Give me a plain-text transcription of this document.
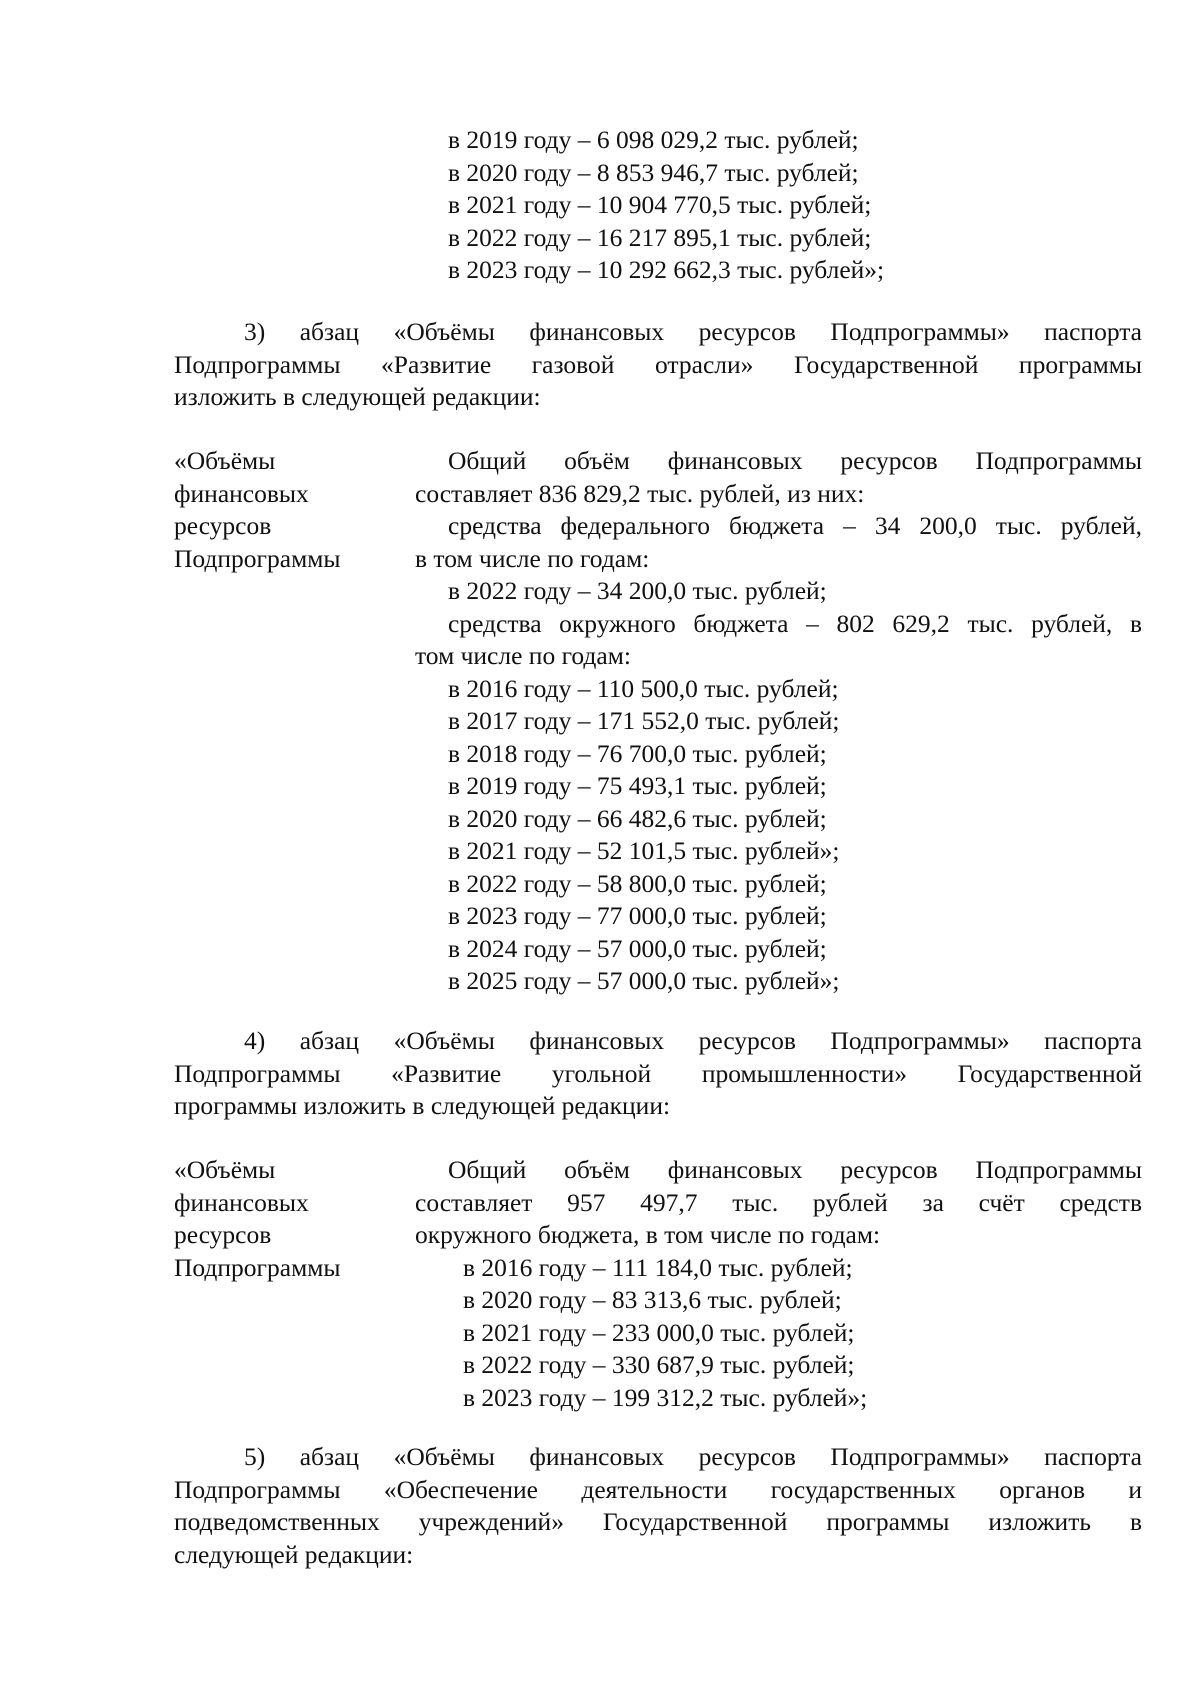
в 2019 году – 6 098 029,2 тыс. рублей;
в 2020 году – 8 853 946,7 тыс. рублей;
в 2021 году – 10 904 770,5 тыс. рублей;
в 2022 году – 16 217 895,1 тыс. рублей;
в 2023 году – 10 292 662,3 тыс. рублей»;
3) абзац «Объёмы финансовых ресурсов Подпрограммы» паспорта
Подпрограммы «Развитие газовой отрасли» Государственной программы
изложить в следующей редакции:
«Объёмы
финансовых
ресурсов
Подпрограммы
Общий объём финансовых ресурсов Подпрограммы
составляет 836 829,2 тыс. рублей, из них:
средства федерального бюджета – 34 200,0 тыс. рублей,
в том числе по годам:
в 2022 году – 34 200,0 тыс. рублей;
средства окружного бюджета – 802 629,2 тыс. рублей, в
том числе по годам:
в 2016 году – 110 500,0 тыс. рублей;
в 2017 году – 171 552,0 тыс. рублей;
в 2018 году – 76 700,0 тыс. рублей;
в 2019 году – 75 493,1 тыс. рублей;
в 2020 году – 66 482,6 тыс. рублей;
в 2021 году – 52 101,5 тыс. рублей»;
в 2022 году – 58 800,0 тыс. рублей;
в 2023 году – 77 000,0 тыс. рублей;
в 2024 году – 57 000,0 тыс. рублей;
в 2025 году – 57 000,0 тыс. рублей»;
4) абзац «Объёмы финансовых ресурсов Подпрограммы» паспорта
Подпрограммы «Развитие угольной промышленности» Государственной
программы изложить в следующей редакции:
«Объёмы
финансовых
ресурсов
Подпрограммы
Общий объём финансовых ресурсов Подпрограммы
составляет 957 497,7 тыс. рублей за счёт средств
окружного бюджета, в том числе по годам:
в 2016 году – 111 184,0 тыс. рублей;
в 2020 году – 83 313,6 тыс. рублей;
в 2021 году – 233 000,0 тыс. рублей;
в 2022 году – 330 687,9 тыс. рублей;
в 2023 году – 199 312,2 тыс. рублей»;
5) абзац «Объёмы финансовых ресурсов Подпрограммы» паспорта
Подпрограммы «Обеспечение деятельности государственных органов и
подведомственных учреждений» Государственной программы изложить в
следующей редакции:
